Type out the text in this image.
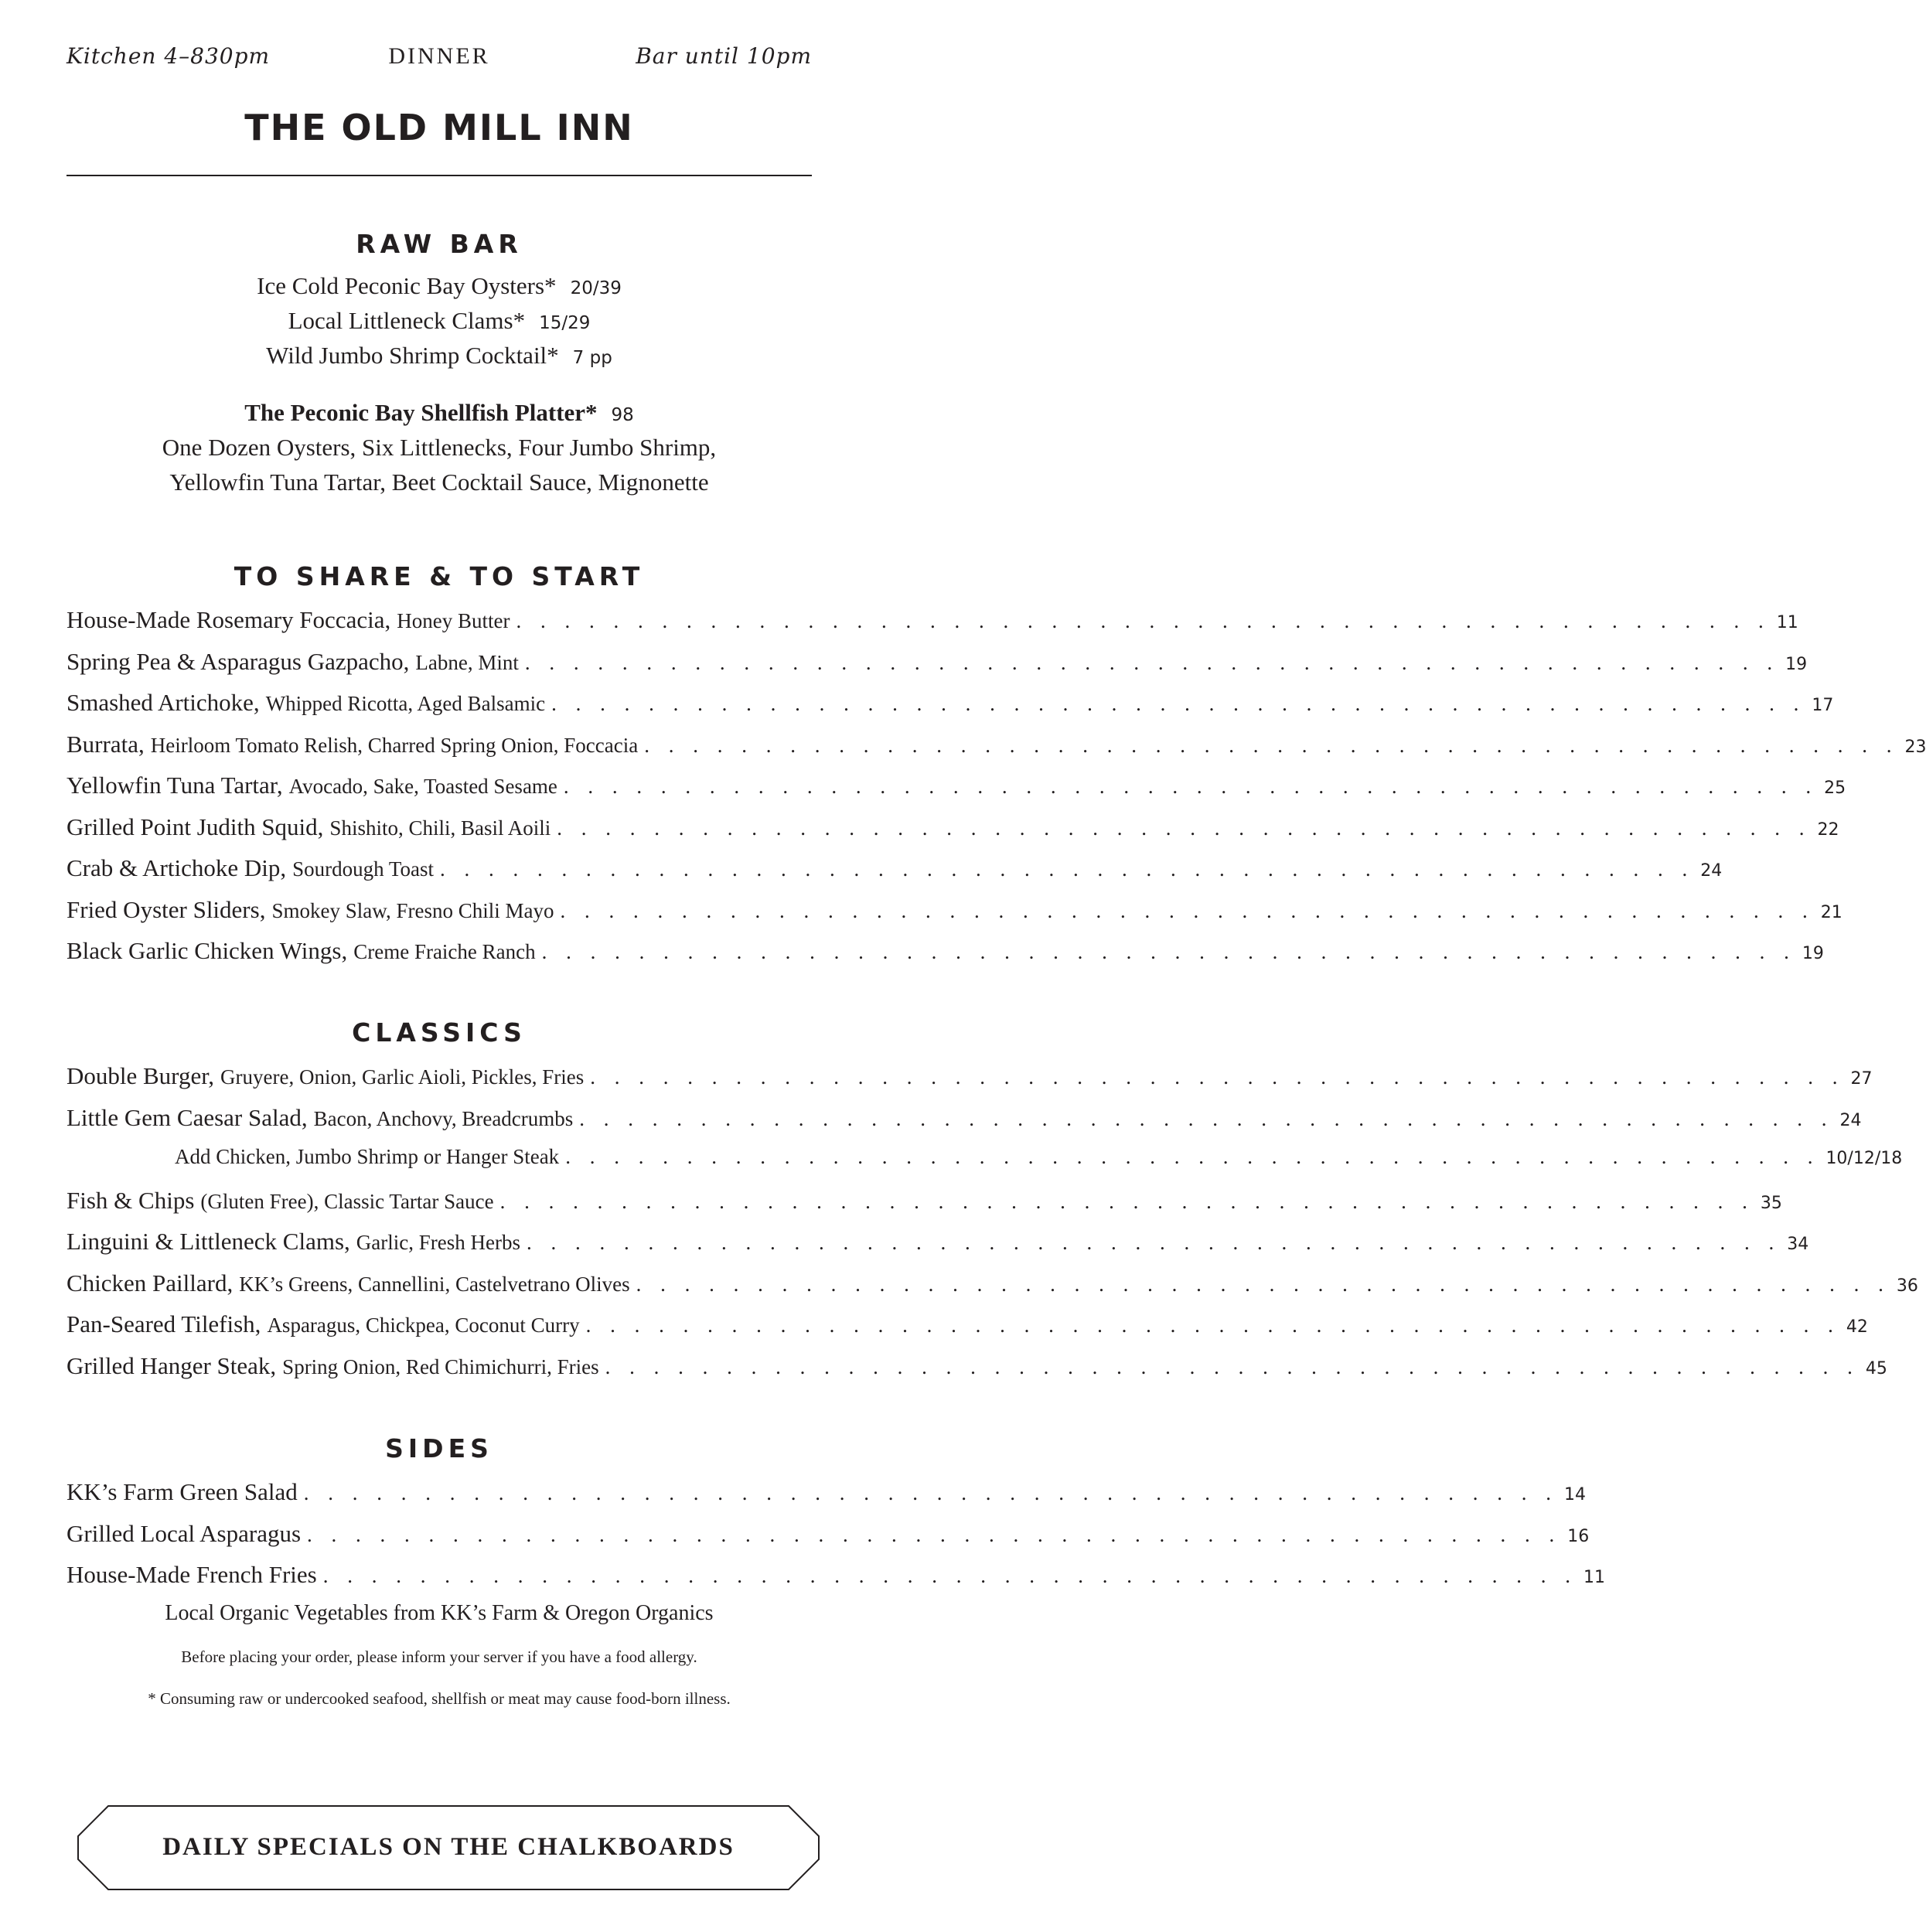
Kitchen 4–830pm	DINNER	Bar until 10pm
THE OLD MILL INN
RAW BAR
Ice Cold Peconic Bay Oysters* 20/39
Local Littleneck Clams* 15/29
Wild Jumbo Shrimp Cocktail* 7 pp
The Peconic Bay Shellfish Platter* 98
One Dozen Oysters, Six Littlenecks, Four Jumbo Shrimp,
Yellowfin Tuna Tartar, Beet Cocktail Sauce, Mignonette
TO SHARE & TO START
House-Made Rosemary Foccacia, Honey Butter . . . . . . . . . . . . . . . . . . . . . . . . . . . . . . . . . . . . . . . . . . . . . . . . . . . . 11
Spring Pea & Asparagus Gazpacho, Labne, Mint . . . . . . . . . . . . . . . . . . . . . . . . . . . . . . . . . . . . . . . . . . . . . . . . . . . . 19
Smashed Artichoke, Whipped Ricotta, Aged Balsamic . . . . . . . . . . . . . . . . . . . . . . . . . . . . . . . . . . . . . . . . . . . . . . . . . . . . 17
Burrata, Heirloom Tomato Relish, Charred Spring Onion, Foccacia . . . . . . . . . . . . . . . . . . . . . . . . . . . . . . . . . . . . . . . . . . . . . . . . . . . . 23
Yellowfin Tuna Tartar, Avocado, Sake, Toasted Sesame . . . . . . . . . . . . . . . . . . . . . . . . . . . . . . . . . . . . . . . . . . . . . . . . . . . . 25
Grilled Point Judith Squid, Shishito, Chili, Basil Aoili . . . . . . . . . . . . . . . . . . . . . . . . . . . . . . . . . . . . . . . . . . . . . . . . . . . . 22
Crab & Artichoke Dip, Sourdough Toast . . . . . . . . . . . . . . . . . . . . . . . . . . . . . . . . . . . . . . . . . . . . . . . . . . . . 24
Fried Oyster Sliders, Smokey Slaw, Fresno Chili Mayo . . . . . . . . . . . . . . . . . . . . . . . . . . . . . . . . . . . . . . . . . . . . . . . . . . . . 21
Black Garlic Chicken Wings, Creme Fraiche Ranch . . . . . . . . . . . . . . . . . . . . . . . . . . . . . . . . . . . . . . . . . . . . . . . . . . . . 19
CLASSICS
Double Burger, Gruyere, Onion, Garlic Aioli, Pickles, Fries . . . . . . . . . . . . . . . . . . . . . . . . . . . . . . . . . . . . . . . . . . . . . . . . . . . . 27
Little Gem Caesar Salad, Bacon, Anchovy, Breadcrumbs . . . . . . . . . . . . . . . . . . . . . . . . . . . . . . . . . . . . . . . . . . . . . . . . . . . . 24
Add Chicken, Jumbo Shrimp or Hanger Steak . . . . . . . . . . . . . . . . . . . . . . . . . . . . . . . . . . . . . . . . . . . . . . . . . . . . 10/12/18
Fish & Chips (Gluten Free), Classic Tartar Sauce . . . . . . . . . . . . . . . . . . . . . . . . . . . . . . . . . . . . . . . . . . . . . . . . . . . . 35
Linguini & Littleneck Clams, Garlic, Fresh Herbs . . . . . . . . . . . . . . . . . . . . . . . . . . . . . . . . . . . . . . . . . . . . . . . . . . . . 34
Chicken Paillard, KK’s Greens, Cannellini, Castelvetrano Olives . . . . . . . . . . . . . . . . . . . . . . . . . . . . . . . . . . . . . . . . . . . . . . . . . . . . 36
Pan-Seared Tilefish, Asparagus, Chickpea, Coconut Curry . . . . . . . . . . . . . . . . . . . . . . . . . . . . . . . . . . . . . . . . . . . . . . . . . . . . 42
Grilled Hanger Steak, Spring Onion, Red Chimichurri, Fries . . . . . . . . . . . . . . . . . . . . . . . . . . . . . . . . . . . . . . . . . . . . . . . . . . . . 45
SIDES
KK’s Farm Green Salad . . . . . . . . . . . . . . . . . . . . . . . . . . . . . . . . . . . . . . . . . . . . . . . . . . . . 14
Grilled Local Asparagus . . . . . . . . . . . . . . . . . . . . . . . . . . . . . . . . . . . . . . . . . . . . . . . . . . . . 16
House-Made French Fries . . . . . . . . . . . . . . . . . . . . . . . . . . . . . . . . . . . . . . . . . . . . . . . . . . . . 11
Local Organic Vegetables from KK’s Farm & Oregon Organics
Before placing your order, please inform your server if you have a food allergy.
* Consuming raw or undercooked seafood, shellfish or meat may cause food-born illness.
DAILY SPECIALS ON THE CHALKBOARDS
